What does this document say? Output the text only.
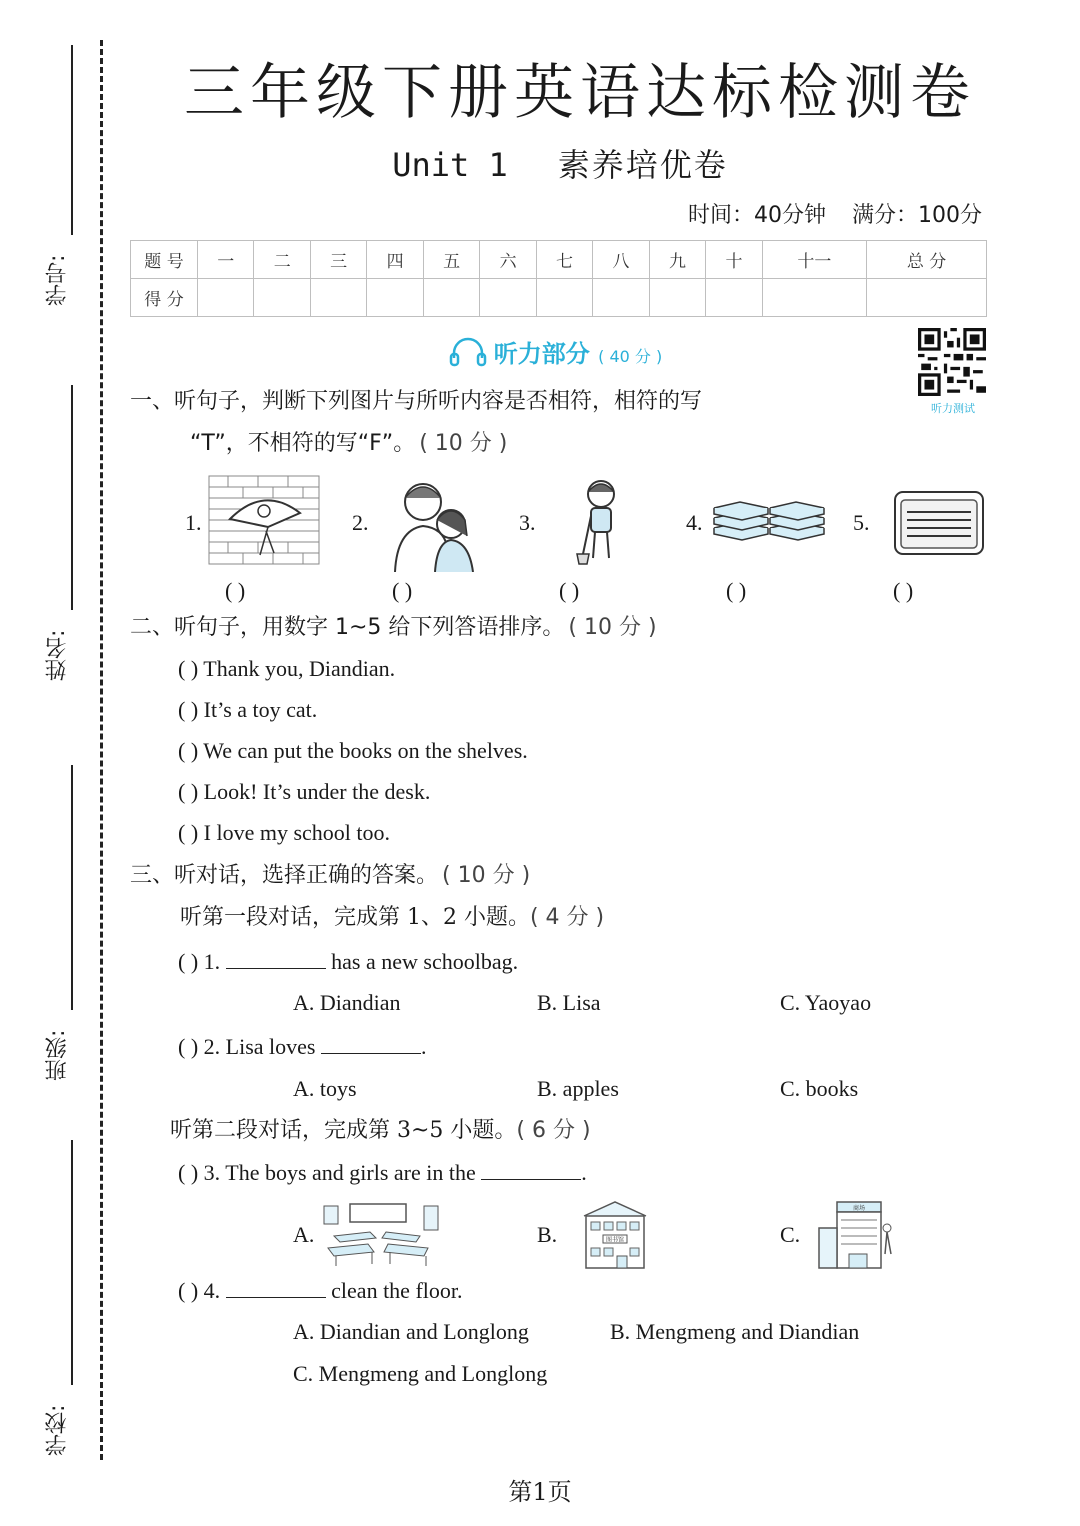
学号:
姓名:
班级:
学校:
三年级下册英语达标检测卷
Unit 1 素养培优卷
时间：40分钟 满分：100分
题 号	一	二	三	四	五	六	七	八	九	十	十一	总 分
得 分												
听力部分 ( 40 分 )
听力测试
一、听句子，判断下列图片与所听内容是否相符，相符的写
“T”，不相符的写“F”。 ( 10 分 )
1.	2.	3.	4.	5.
( )	( )	( )	( )	( )
二、听句子，用数字 1~5 给下列答语排序。 ( 10 分 )
( ) Thank you, Diandian.
( ) It’s a toy cat.
( ) We can put the books on the shelves.
( ) Look! It’s under the desk.
( ) I love my school too.
三、听对话，选择正确的答案。 ( 10 分 )
听第一段对话，完成第 1、2 小题。( 4 分 )
( ) 1.	has a new schoolbag.
A. Diandian	B. Lisa	C. Yaoyao
( ) 2. Lisa loves	.
A. toys	B. apples	C. books
听第二段对话，完成第 3~5 小题。( 6 分 )
( ) 3. The boys and girls are in the	.
A.	B.	图书馆	C.
商场
( ) 4.	clean the floor.
A. Diandian and Longlong	B. Mengmeng and Diandian
C. Mengmeng and Longlong
第1页
